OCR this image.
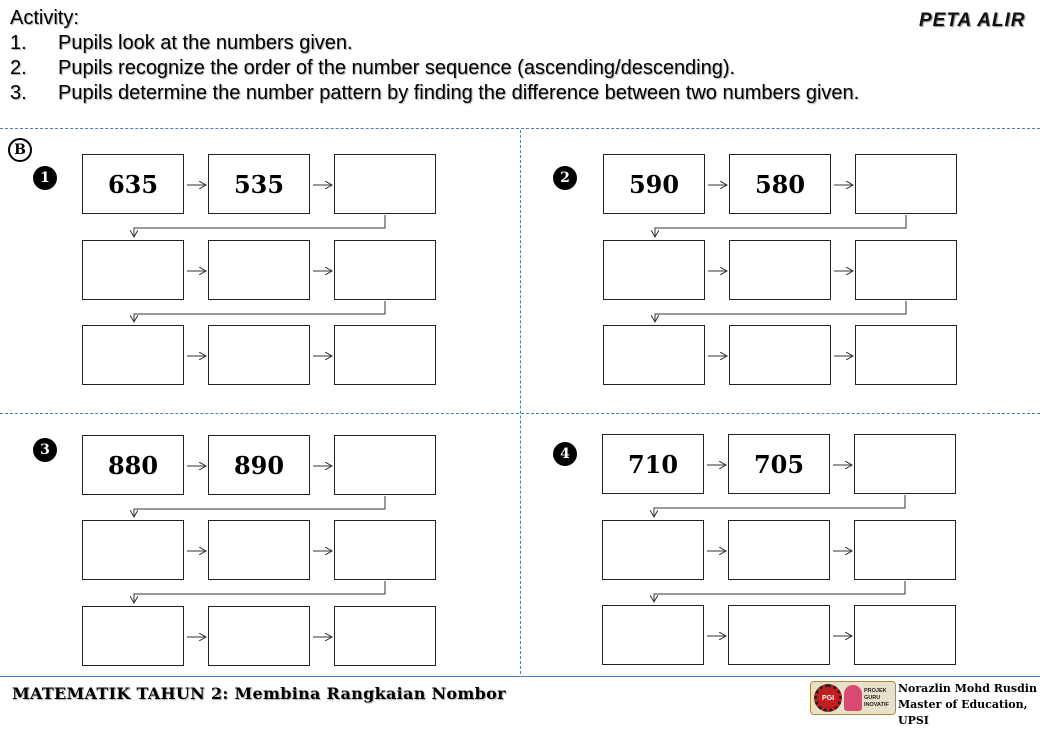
Activity:
1.	Pupils look at the numbers given.
2.	Pupils recognize the order of the number sequence (ascending/descending).
3.	Pupils determine the number pattern by finding the difference between two numbers given.
PETA ALIR
B
1	2
3	4
635	535	590	580
880	890	710	705
MATEMATIK TAHUN 2: Membina Rangkaian Nombor	PGI
PROJEK
GURU
INOVATIF
Norazlin Mohd Rusdin
Master of Education, UPSI
